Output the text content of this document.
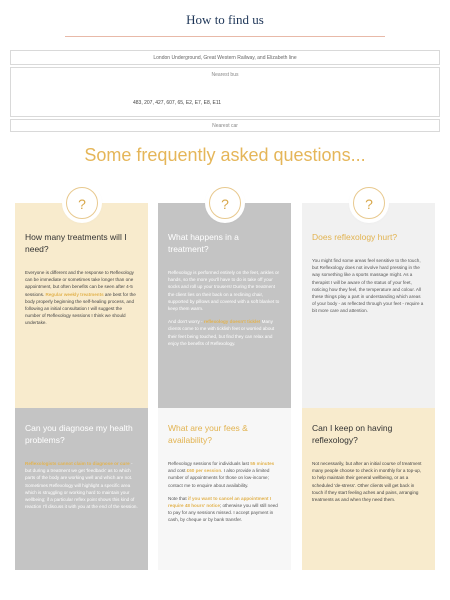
How to find us
London Underground, Great Western Railway, and Elizabeth line
Nearest bus
483, 207, 427, 607, 65, E2, E7, E8, E11
Nearest car
Some frequently asked questions...
?	?	?
How many treatments will I need?

Everyone is different and the response to Reflexology can be immediate or sometimes take longer than one appointment, but often benefits can be seen after 4-5 sessions. Regular weekly treatments are best for the body properly beginning the self-healing process, and following an initial consultation I will suggest the number of Reflexology sessions I think we should undertake.

What happens in a treatment?

Reflexology is performed entirely on the feet, ankles or hands, so the more you'll have to do is take off your socks and roll up your trousers! During the treatment the client lies on their back on a reclining chair, supported by pillows and covered with a soft blanket to keep them warm.

And don't worry - reflexology doesn't tickle! Many clients come to me with ticklish feet or worried about their feet being touched, but find they can relax and enjoy the benefits of Reflexology.

Does reflexology hurt?

You might find some areas feel sensitive to the touch, but Reflexology does not involve hard pressing in the way something like a sports massage might. As a therapist I will be aware of the status of your feet, noticing how they feel, the temperature and colour. All these things play a part in understanding which areas of your body - as reflected through your feet - require a bit more care and attention.

Can you diagnose my health problems?

Reflexologists cannot claim to diagnose or cure - but during a treatment we get 'feedback' as to which parts of the body are working well and which are not. Sometimes Reflexology will highlight a specific area which is struggling or working hard to maintain your wellbeing; if a particular reflex point shows this kind of reaction I'll discuss it with you at the end of the session.

What are your fees & availability?

Reflexology sessions for individuals last 55 minutes and cost £60 per session. I also provide a limited number of appointments for those on low-income; contact me to enquire about availability.

Note that if you want to cancel an appointment I require 48 hours' notice; otherwise you will still need to pay for any sessions missed. I accept payment in cash, by cheque or by bank transfer.

Can I keep on having reflexology?

Not necessarily, but after an initial course of treatment many people choose to check in monthly for a top-up, to help maintain their general wellbeing, or as a scheduled 'de-stress'. Other clients will get back in touch if they start feeling aches and pains, arranging treatments as and when they need them.
